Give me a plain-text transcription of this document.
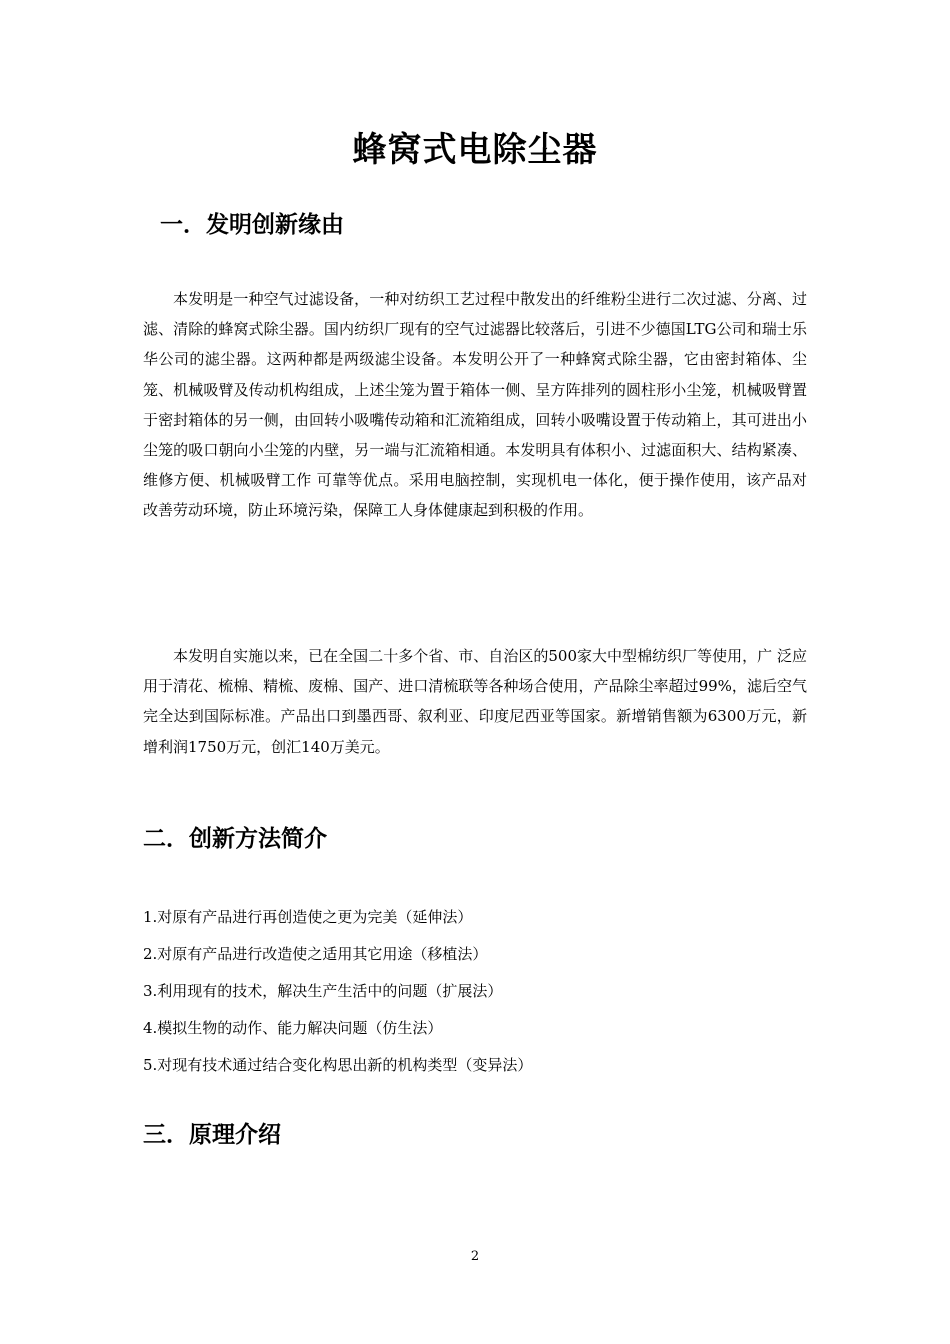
蜂窝式电除尘器
一．发明创新缘由

本发明是一种空气过滤设备，一种对纺织工艺过程中散发出的纤维粉尘进行二次过滤、分离、过滤、清除的蜂窝式除尘器。国内纺织厂现有的空气过滤器比较落后，引进不少德国LTG公司和瑞士乐华公司的滤尘器。这两种都是两级滤尘设备。本发明公开了一种蜂窝式除尘器，它由密封箱体、尘笼、机械吸臂及传动机构组成，上述尘笼为置于箱体一侧、呈方阵排列的圆柱形小尘笼，机械吸臂置于密封箱体的另一侧，由回转小吸嘴传动箱和汇流箱组成，回转小吸嘴设置于传动箱上，其可进出小尘笼的吸口朝向小尘笼的内壁，另一端与汇流箱相通。本发明具有体积小、过滤面积大、结构紧凑、维修方便、机械吸臂工作 可靠等优点。采用电脑控制，实现机电一体化，便于操作使用，该产品对改善劳动环境，防止环境污染，保障工人身体健康起到积极的作用。

本发明自实施以来，已在全国二十多个省、市、自治区的500家大中型棉纺织厂等使用，广 泛应用于清花、梳棉、精梳、废棉、国产、进口清梳联等各种场合使用，产品除尘率超过99%，滤后空气完全达到国际标准。产品出口到墨西哥、叙利亚、印度尼西亚等国家。新增销售额为6300万元，新增利润1750万元，创汇140万美元。

二．创新方法简介
1.对原有产品进行再创造使之更为完美（延伸法）
2.对原有产品进行改造使之适用其它用途（移植法）
3.利用现有的技术，解决生产生活中的问题（扩展法）
4.模拟生物的动作、能力解决问题（仿生法）
5.对现有技术通过结合变化构思出新的机构类型（变异法）
三．原理介绍
2
